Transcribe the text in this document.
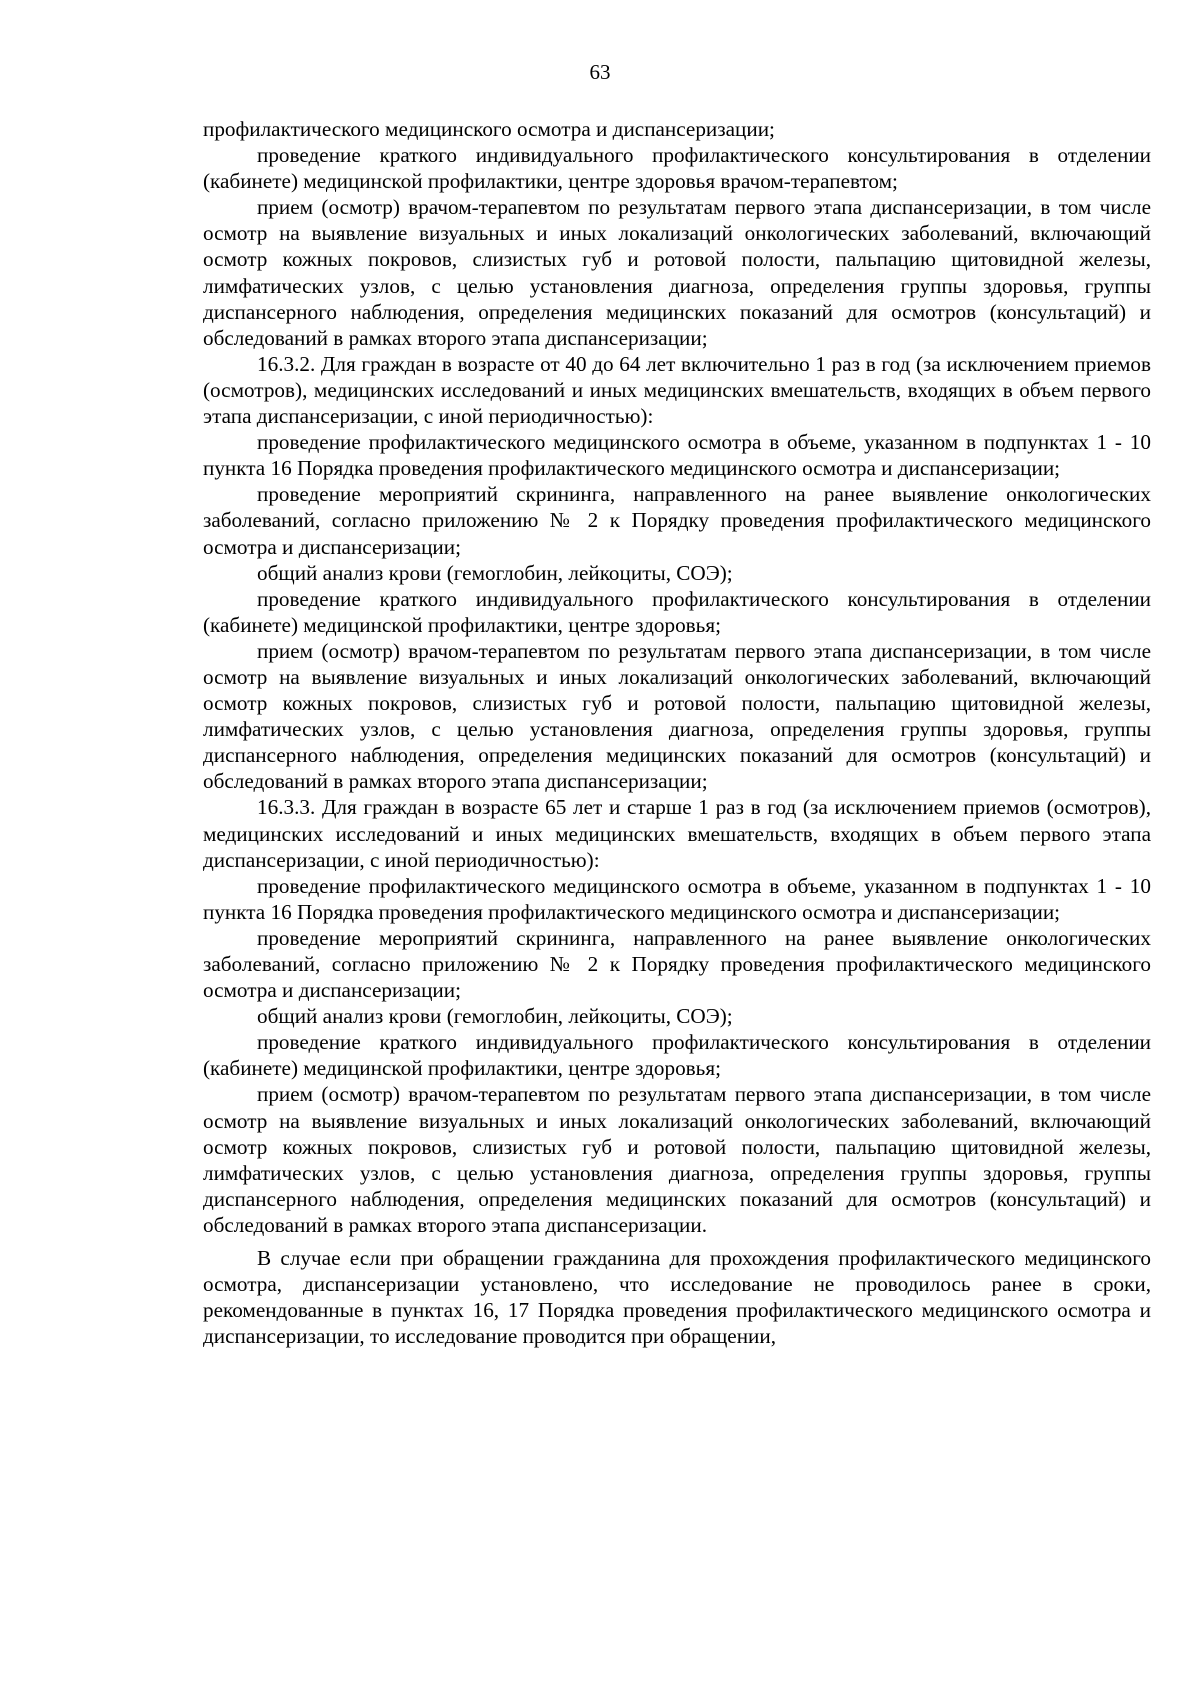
63

профилактического медицинского осмотра и диспансеризации;

проведение краткого индивидуального профилактического консультирования в отделении (кабинете) медицинской профилактики, центре здоровья врачом-терапевтом;

прием (осмотр) врачом-терапевтом по результатам первого этапа диспансеризации, в том числе осмотр на выявление визуальных и иных локализаций онкологических заболеваний, включающий осмотр кожных покровов, слизистых губ и ротовой полости, пальпацию щитовидной железы, лимфатических узлов, с целью установления диагноза, определения группы здоровья, группы диспансерного наблюдения, определения медицинских показаний для осмотров (консультаций) и обследований в рамках второго этапа диспансеризации;

16.3.2. Для граждан в возрасте от 40 до 64 лет включительно 1 раз в год (за исключением приемов (осмотров), медицинских исследований и иных медицинских вмешательств, входящих в объем первого этапа диспансеризации, с иной периодичностью):

проведение профилактического медицинского осмотра в объеме, указанном в подпунктах 1 - 10 пункта 16 Порядка проведения профилактического медицинского осмотра и диспансеризации;

проведение мероприятий скрининга, направленного на ранее выявление онкологических заболеваний, согласно приложению № 2 к Порядку проведения профилактического медицинского осмотра и диспансеризации;

общий анализ крови (гемоглобин, лейкоциты, СОЭ);

проведение краткого индивидуального профилактического консультирования в отделении (кабинете) медицинской профилактики, центре здоровья;

прием (осмотр) врачом-терапевтом по результатам первого этапа диспансеризации, в том числе осмотр на выявление визуальных и иных локализаций онкологических заболеваний, включающий осмотр кожных покровов, слизистых губ и ротовой полости, пальпацию щитовидной железы, лимфатических узлов, с целью установления диагноза, определения группы здоровья, группы диспансерного наблюдения, определения медицинских показаний для осмотров (консультаций) и обследований в рамках второго этапа диспансеризации;

16.3.3. Для граждан в возрасте 65 лет и старше 1 раз в год (за исключением приемов (осмотров), медицинских исследований и иных медицинских вмешательств, входящих в объем первого этапа диспансеризации, с иной периодичностью):

проведение профилактического медицинского осмотра в объеме, указанном в подпунктах 1 - 10 пункта 16 Порядка проведения профилактического медицинского осмотра и диспансеризации;

проведение мероприятий скрининга, направленного на ранее выявление онкологических заболеваний, согласно приложению № 2 к Порядку проведения профилактического медицинского осмотра и диспансеризации;

общий анализ крови (гемоглобин, лейкоциты, СОЭ);

проведение краткого индивидуального профилактического консультирования в отделении (кабинете) медицинской профилактики, центре здоровья;

прием (осмотр) врачом-терапевтом по результатам первого этапа диспансеризации, в том числе осмотр на выявление визуальных и иных локализаций онкологических заболеваний, включающий осмотр кожных покровов, слизистых губ и ротовой полости, пальпацию щитовидной железы, лимфатических узлов, с целью установления диагноза, определения группы здоровья, группы диспансерного наблюдения, определения медицинских показаний для осмотров (консультаций) и обследований в рамках второго этапа диспансеризации.

В случае если при обращении гражданина для прохождения профилактического медицинского осмотра, диспансеризации установлено, что исследование не проводилось ранее в сроки, рекомендованные в пунктах 16, 17 Порядка проведения профилактического медицинского осмотра и диспансеризации, то исследование проводится при обращении,
